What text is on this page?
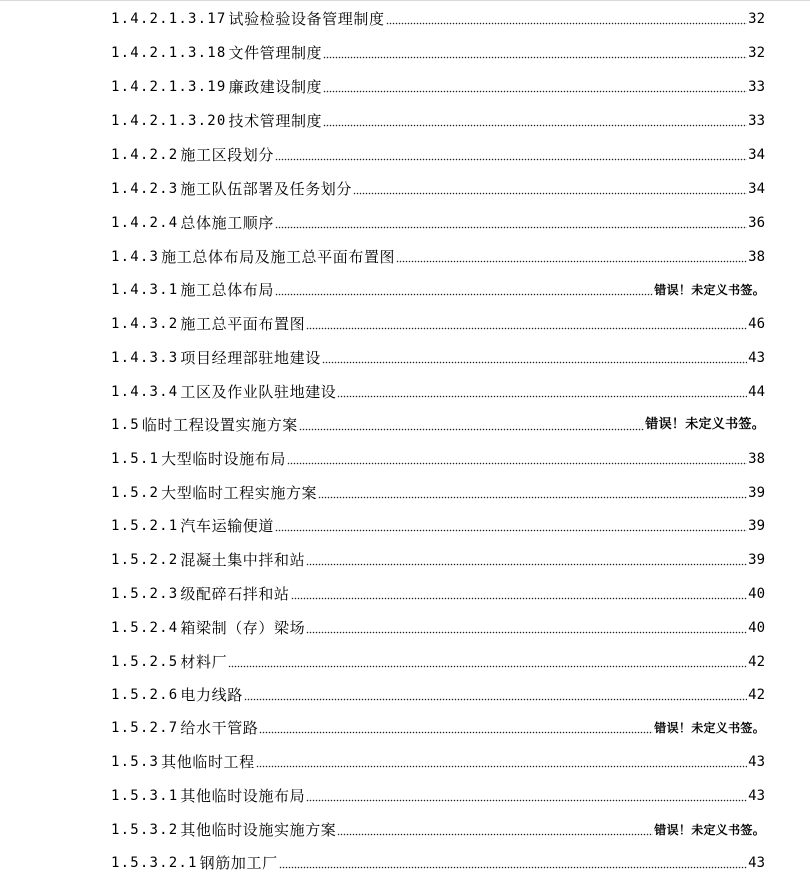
1.4.2.1.3.17 试验检验设备管理制度	32
1.4.2.1.3.18 文件管理制度	32
1.4.2.1.3.19 廉政建设制度	33
1.4.2.1.3.20 技术管理制度	33
1.4.2.2 施工区段划分	34
1.4.2.3 施工队伍部署及任务划分	34
1.4.2.4 总体施工顺序	36
1.4.3 施工总体布局及施工总平面布置图	38
1.4.3.1 施工总体布局	错误！未定义书签。
1.4.3.2 施工总平面布置图	46
1.4.3.3 项目经理部驻地建设	43
1.4.3.4 工区及作业队驻地建设	44
1.5 临时工程设置实施方案	错误！未定义书签。
1.5.1 大型临时设施布局	38
1.5.2 大型临时工程实施方案	39
1.5.2.1 汽车运输便道	39
1.5.2.2 混凝土集中拌和站	39
1.5.2.3 级配碎石拌和站	40
1.5.2.4 箱梁制（存）梁场	40
1.5.2.5 材料厂	42
1.5.2.6 电力线路	42
1.5.2.7 给水干管路	错误！未定义书签。
1.5.3 其他临时工程	43
1.5.3.1 其他临时设施布局	43
1.5.3.2 其他临时设施实施方案	错误！未定义书签。
1.5.3.2.1 钢筋加工厂	43
